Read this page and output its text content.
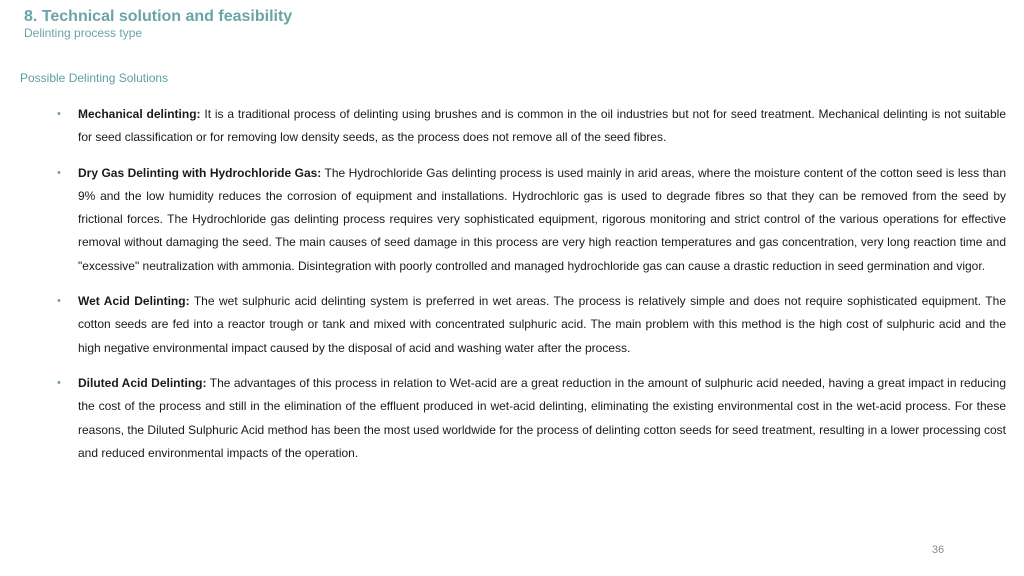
8. Technical solution and feasibility
Delinting process type
Possible Delinting Solutions
• Mechanical delinting: It is a traditional process of delinting using brushes and is common in the oil industries but not for seed treatment. Mechanical delinting is not suitable for seed classification or for removing low density seeds, as the process does not remove all of the seed fibres.
• Dry Gas Delinting with Hydrochloride Gas: The Hydrochloride Gas delinting process is used mainly in arid areas, where the moisture content of the cotton seed is less than 9% and the low humidity reduces the corrosion of equipment and installations. Hydrochloric gas is used to degrade fibres so that they can be removed from the seed by frictional forces. The Hydrochloride gas delinting process requires very sophisticated equipment, rigorous monitoring and strict control of the various operations for effective removal without damaging the seed. The main causes of seed damage in this process are very high reaction temperatures and gas concentration, very long reaction time and "excessive" neutralization with ammonia. Disintegration with poorly controlled and managed hydrochloride gas can cause a drastic reduction in seed germination and vigor.
• Wet Acid Delinting: The wet sulphuric acid delinting system is preferred in wet areas. The process is relatively simple and does not require sophisticated equipment. The cotton seeds are fed into a reactor trough or tank and mixed with concentrated sulphuric acid. The main problem with this method is the high cost of sulphuric acid and the high negative environmental impact caused by the disposal of acid and washing water after the process.
• Diluted Acid Delinting: The advantages of this process in relation to Wet-acid are a great reduction in the amount of sulphuric acid needed, having a great impact in reducing the cost of the process and still in the elimination of the effluent produced in wet-acid delinting, eliminating the existing environmental cost in the wet-acid process. For these reasons, the Diluted Sulphuric Acid method has been the most used worldwide for the process of delinting cotton seeds for seed treatment, resulting in a lower processing cost and reduced environmental impacts of the operation.
36
